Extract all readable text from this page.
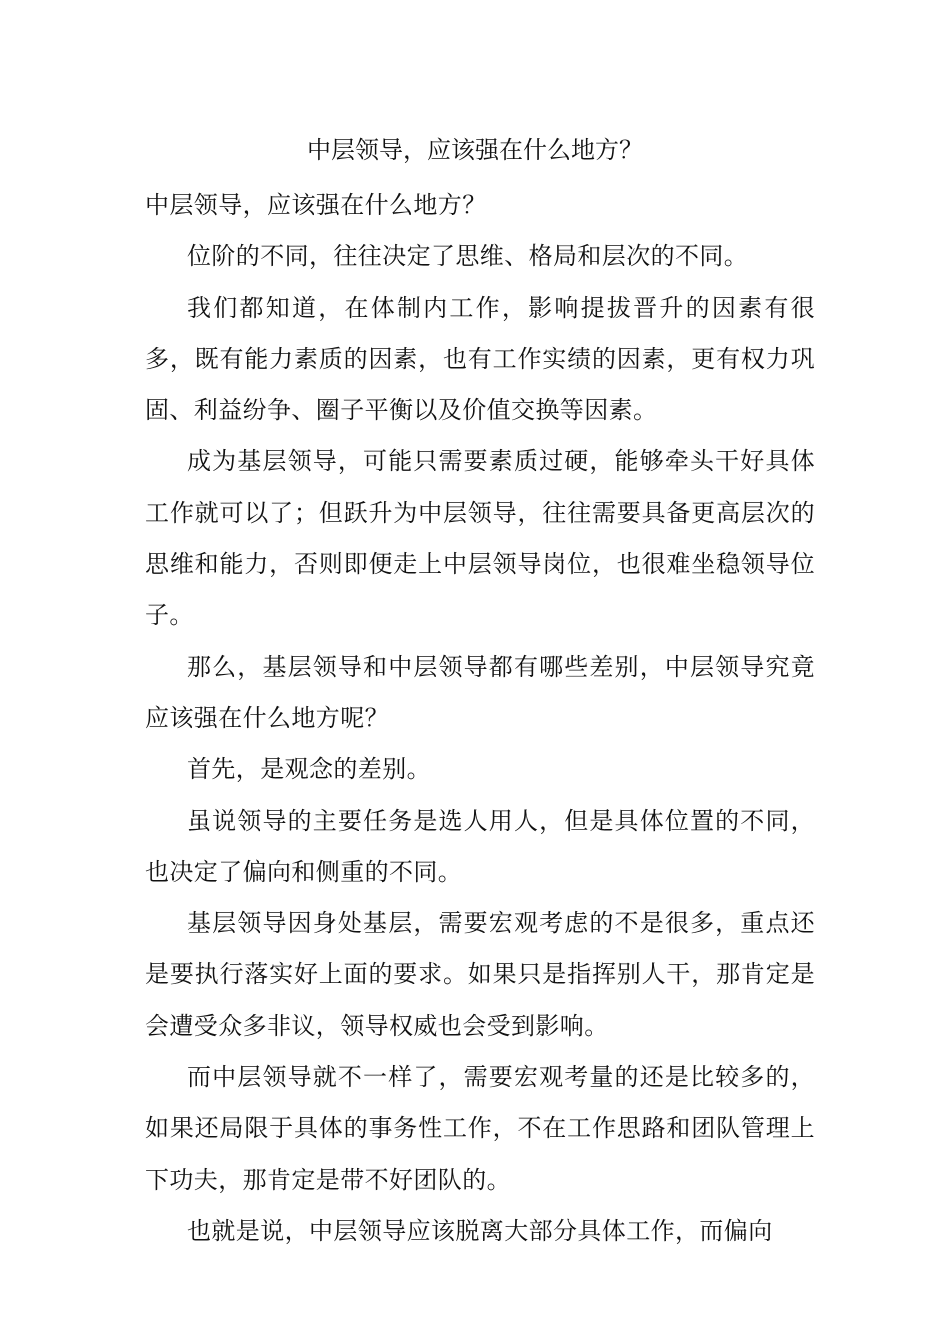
中层领导，应该强在什么地方？

中层领导，应该强在什么地方？

位阶的不同，往往决定了思维、格局和层次的不同。

我们都知道，在体制内工作，影响提拔晋升的因素有很多，既有能力素质的因素，也有工作实绩的因素，更有权力巩固、利益纷争、圈子平衡以及价值交换等因素。

成为基层领导，可能只需要素质过硬，能够牵头干好具体工作就可以了；但跃升为中层领导，往往需要具备更高层次的思维和能力，否则即便走上中层领导岗位，也很难坐稳领导位子。

那么，基层领导和中层领导都有哪些差别，中层领导究竟应该强在什么地方呢？

首先，是观念的差别。

虽说领导的主要任务是选人用人，但是具体位置的不同，也决定了偏向和侧重的不同。

基层领导因身处基层，需要宏观考虑的不是很多，重点还是要执行落实好上面的要求。如果只是指挥别人干，那肯定是会遭受众多非议，领导权威也会受到影响。

而中层领导就不一样了，需要宏观考量的还是比较多的，如果还局限于具体的事务性工作，不在工作思路和团队管理上下功夫，那肯定是带不好团队的。

也就是说，中层领导应该脱离大部分具体工作，而偏向
